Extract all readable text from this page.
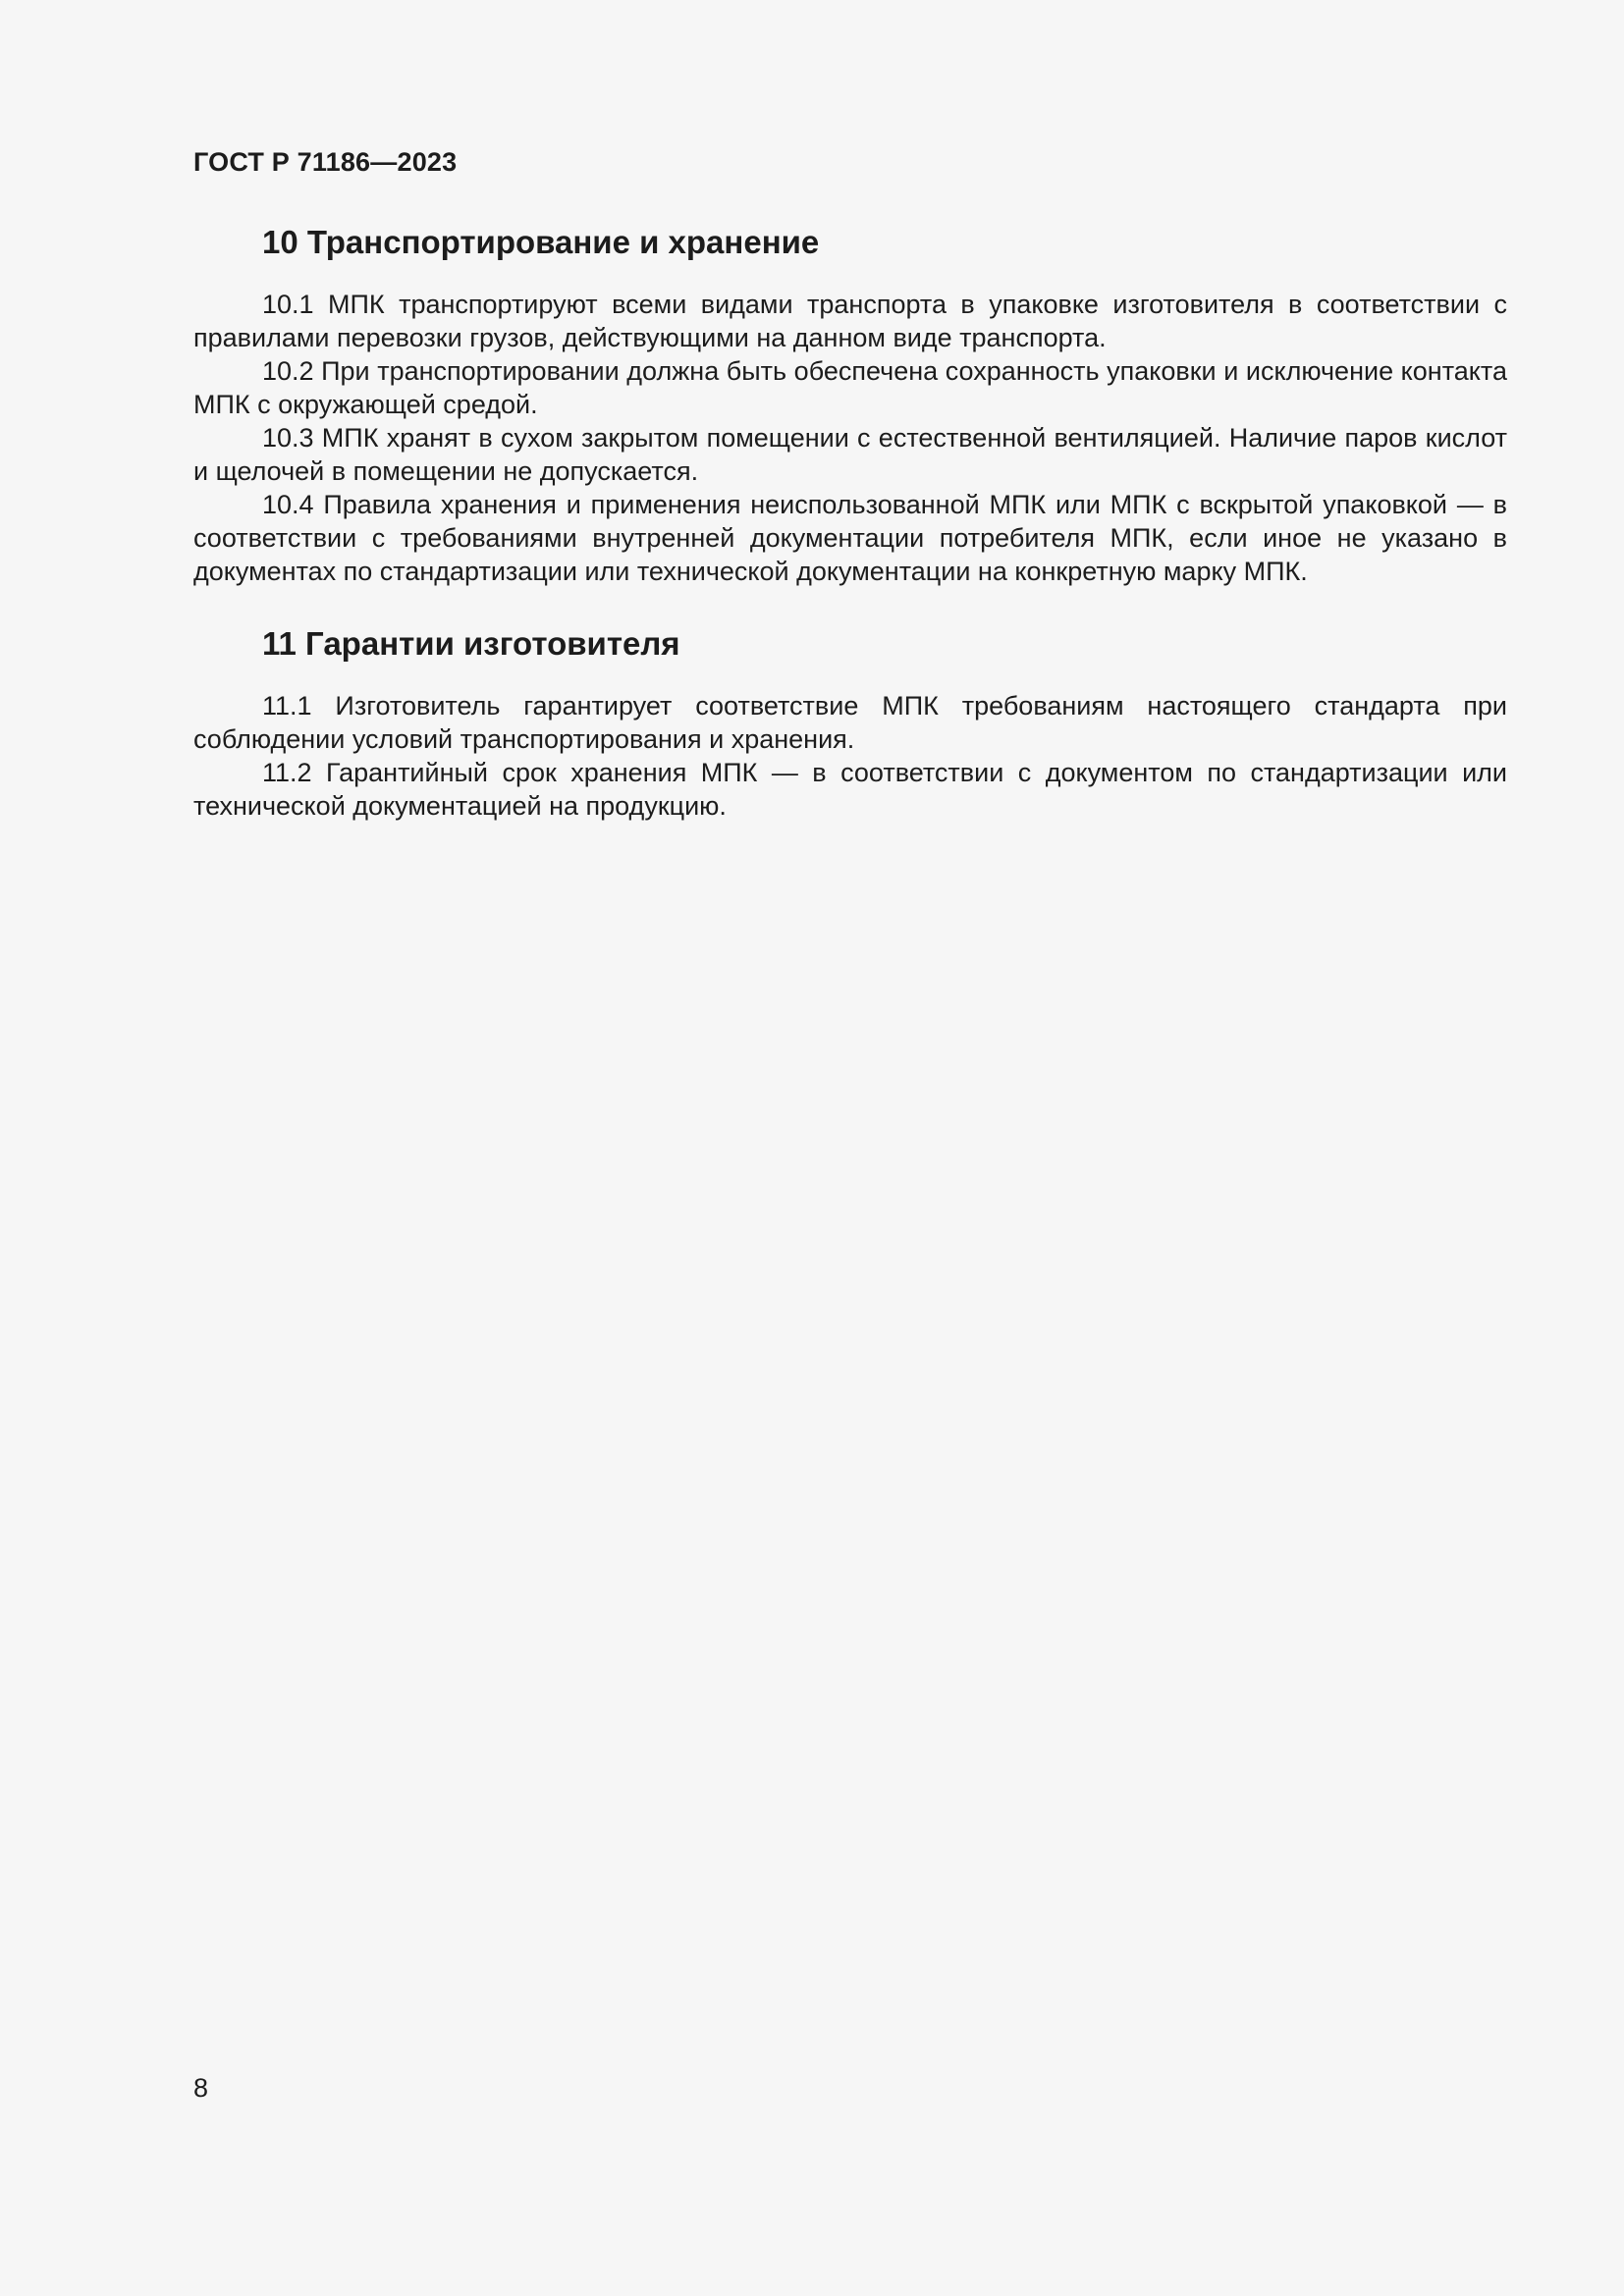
ГОСТ Р 71186—2023

10 Транспортирование и хранение

10.1 МПК транспортируют всеми видами транспорта в упаковке изготовителя в соответствии с правилами перевозки грузов, действующими на данном виде транспорта.

10.2 При транспортировании должна быть обеспечена сохранность упаковки и исключение контакта МПК с окружающей средой.

10.3 МПК хранят в сухом закрытом помещении с естественной вентиляцией. Наличие паров кислот и щелочей в помещении не допускается.

10.4 Правила хранения и применения неиспользованной МПК или МПК с вскрытой упаковкой — в соответствии с требованиями внутренней документации потребителя МПК, если иное не указано в документах по стандартизации или технической документации на конкретную марку МПК.

11 Гарантии изготовителя

11.1 Изготовитель гарантирует соответствие МПК требованиям настоящего стандарта при соблюдении условий транспортирования и хранения.

11.2 Гарантийный срок хранения МПК — в соответствии с документом по стандартизации или технической документацией на продукцию.

8
